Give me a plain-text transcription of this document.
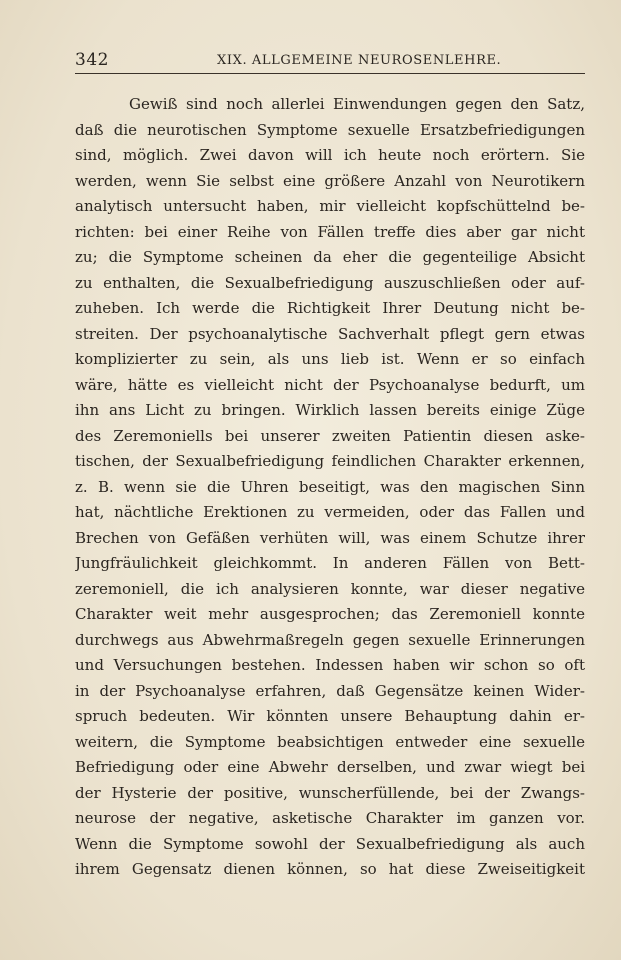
342	XIX. ALLGEMEINE NEUROSENLEHRE.
Gewiß sind noch allerlei Einwendungen gegen den Satz,
daß die neurotischen Symptome sexuelle Ersatzbefriedigungen
sind, möglich. Zwei davon will ich heute noch erörtern. Sie
werden, wenn Sie selbst eine größere Anzahl von Neurotikern
analytisch untersucht haben, mir vielleicht kopfschüttelnd be-
richten: bei einer Reihe von Fällen treffe dies aber gar nicht
zu; die Symptome scheinen da eher die gegenteilige Absicht
zu enthalten, die Sexualbefriedigung auszuschließen oder auf-
zuheben. Ich werde die Richtigkeit Ihrer Deutung nicht be-
streiten. Der psychoanalytische Sachverhalt pflegt gern etwas
komplizierter zu sein, als uns lieb ist. Wenn er so einfach
wäre, hätte es vielleicht nicht der Psychoanalyse bedurft, um
ihn ans Licht zu bringen. Wirklich lassen bereits einige Züge
des Zeremoniells bei unserer zweiten Patientin diesen aske-
tischen, der Sexualbefriedigung feindlichen Charakter erkennen,
z. B. wenn sie die Uhren beseitigt, was den magischen Sinn
hat, nächtliche Erektionen zu vermeiden, oder das Fallen und
Brechen von Gefäßen verhüten will, was einem Schutze ihrer
Jungfräulichkeit gleichkommt. In anderen Fällen von Bett-
zeremoniell, die ich analysieren konnte, war dieser negative
Charakter weit mehr ausgesprochen; das Zeremoniell konnte
durchwegs aus Abwehrmaßregeln gegen sexuelle Erinnerungen
und Versuchungen bestehen. Indessen haben wir schon so oft
in der Psychoanalyse erfahren, daß Gegensätze keinen Wider-
spruch bedeuten. Wir könnten unsere Behauptung dahin er-
weitern, die Symptome beabsichtigen entweder eine sexuelle
Befriedigung oder eine Abwehr derselben, und zwar wiegt bei
der Hysterie der positive, wunscherfüllende, bei der Zwangs-
neurose der negative, asketische Charakter im ganzen vor.
Wenn die Symptome sowohl der Sexualbefriedigung als auch
ihrem Gegensatz dienen können, so hat diese Zweiseitigkeit
